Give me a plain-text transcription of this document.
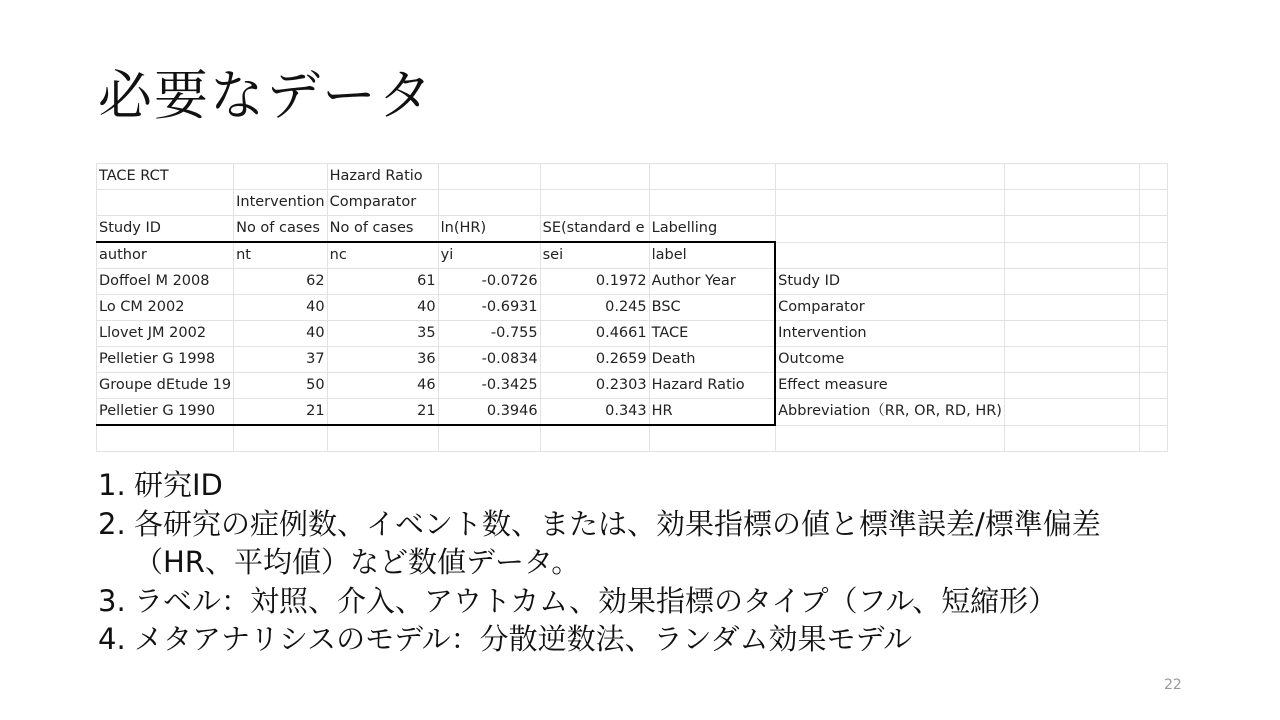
必要なデータ
TACE RCT		Hazard Ratio						
	Intervention	Comparator						
Study ID	No of cases	No of cases	ln(HR)	SE(standard e	Labelling			
author	nt	nc	yi	sei	label			
Doffoel M 2008	62	61	-0.0726	0.1972	Author Year	Study ID		
Lo CM 2002	40	40	-0.6931	0.245	BSC	Comparator		
Llovet JM 2002	40	35	-0.755	0.4661	TACE	Intervention		
Pelletier G 1998	37	36	-0.0834	0.2659	Death	Outcome		
Groupe dEtude 19	50	46	-0.3425	0.2303	Hazard Ratio	Effect measure		
Pelletier G 1990	21	21	0.3946	0.343	HR	Abbreviation（RR, OR, RD, HR)		

1. 研究ID
2. 各研究の症例数、イベント数、または、効果指標の値と標準誤差/標準偏差（HR、平均値）など数値データ。
3. ラベル：対照、介入、アウトカム、効果指標のタイプ（フル、短縮形）
4. メタアナリシスのモデル：分散逆数法、ランダム効果モデル
22
